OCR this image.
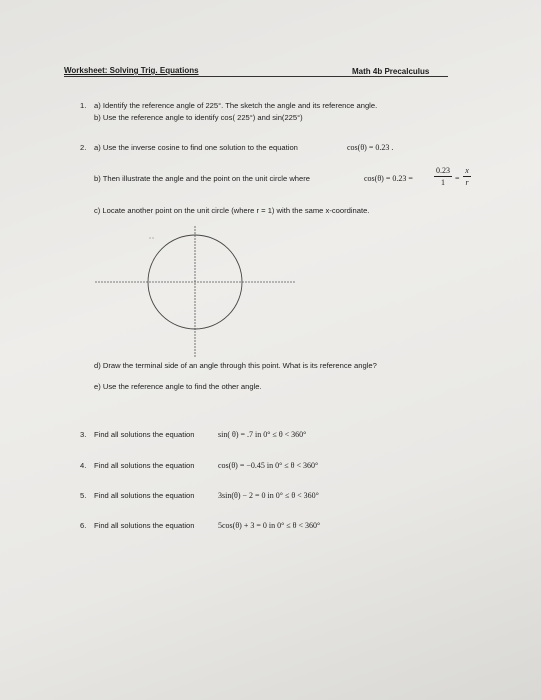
Worksheet: Solving Trig. Equations	Math 4b Precalculus
1. a) Identify the reference angle of 225°. The sketch the angle and its reference angle.
b) Use the reference angle to identify cos( 225°) and sin(225°)
2. a) Use the inverse cosine to find one solution to the equation	cos(θ) = 0.23 .
b) Then illustrate the angle and the point on the unit circle where	cos(θ) = 0.23 =
0.23
1	=
x
r
c) Locate another point on the unit circle (where r = 1) with the same x-coordinate.
d) Draw the terminal side of an angle through this point. What is its reference angle?
e) Use the reference angle to find the other angle.
3. Find all solutions the equation	sin( θ) = .7 in 0° ≤ θ < 360°
4. Find all solutions the equation	cos(θ) = −0.45 in 0° ≤ θ < 360°
5. Find all solutions the equation	3sin(θ) − 2 = 0 in 0° ≤ θ < 360°
6. Find all solutions the equation	5cos(θ) + 3 = 0 in 0° ≤ θ < 360°
